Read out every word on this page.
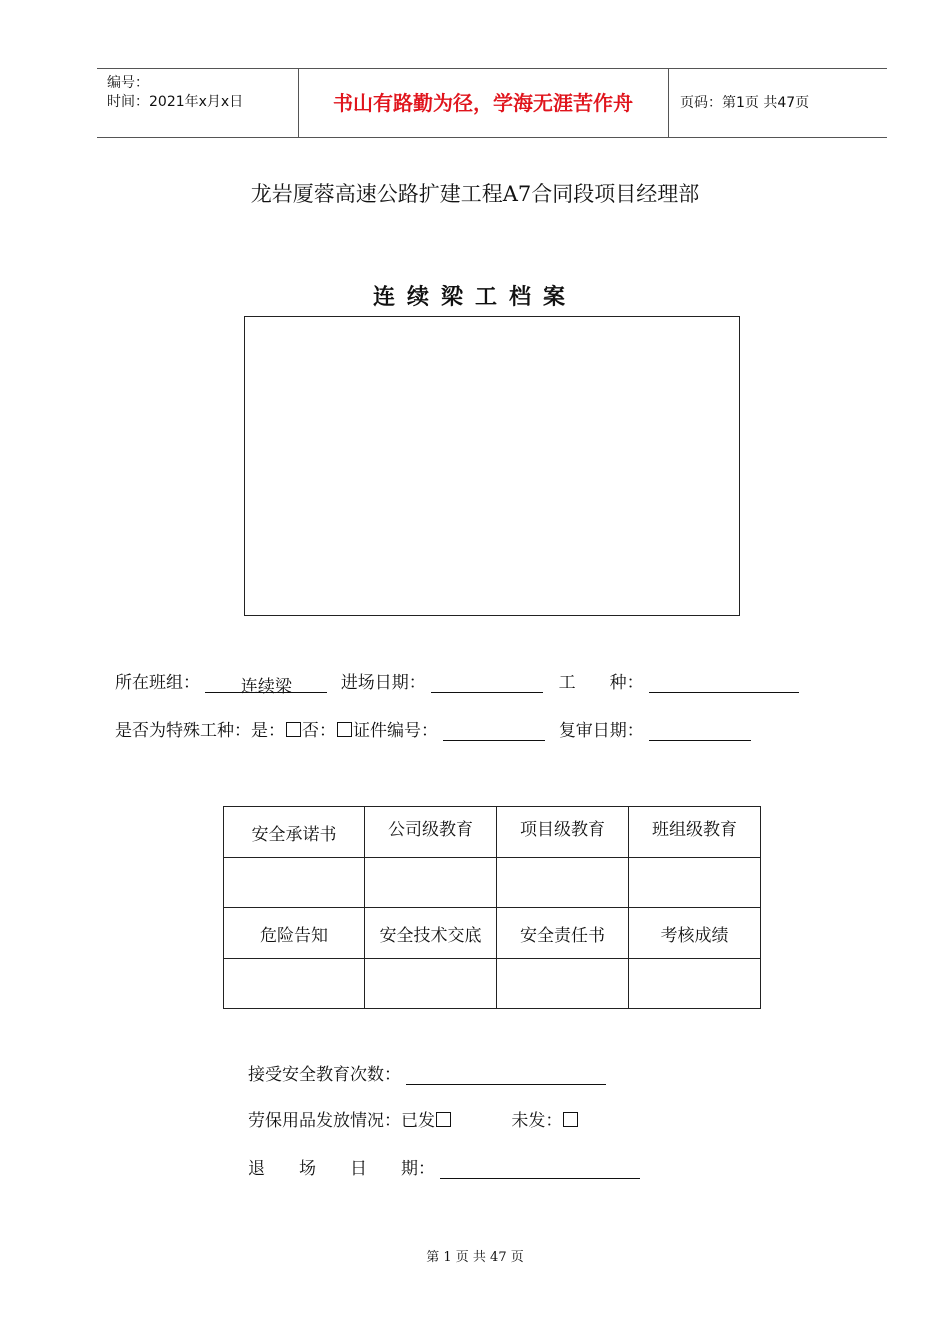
编号：
时间：2021年x月x日	书山有路勤为径，学海无涯苦作舟	页码：第1页 共47页
龙岩厦蓉高速公路扩建工程A7合同段项目经理部
连续梁工档案
所在班组： 连续梁	进场日期：	工　　种：
是否为特殊工种：是： 否： 证件编号：	复审日期：
安全承诺书	公司级教育	项目级教育	班组级教育

危险告知	安全技术交底	安全责任书	考核成绩

接受安全教育次数：
劳保用品发放情况：已发	未发：
退　　场　　日　　期：
第 1 页 共 47 页
